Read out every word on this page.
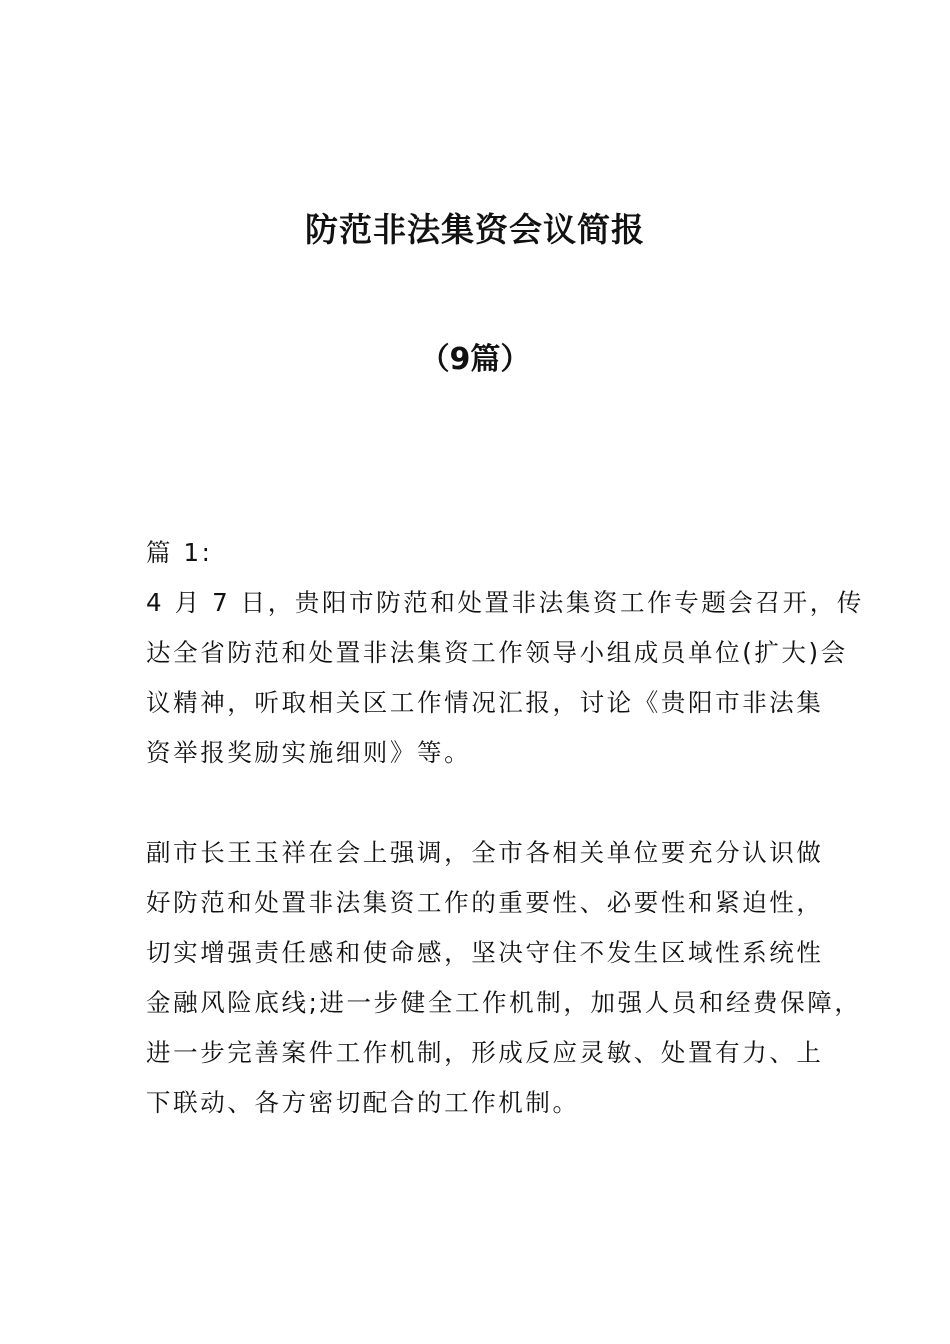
防范非法集资会议简报
（9篇）

篇 1:

4 月 7 日，贵阳市防范和处置非法集资工作专题会召开，传
达全省防范和处置非法集资工作领导小组成员单位(扩大)会
议精神，听取相关区工作情况汇报，讨论《贵阳市非法集
资举报奖励实施细则》等。

副市长王玉祥在会上强调，全市各相关单位要充分认识做
好防范和处置非法集资工作的重要性、必要性和紧迫性，
切实增强责任感和使命感，坚决守住不发生区域性系统性
金融风险底线;进一步健全工作机制，加强人员和经费保障，
进一步完善案件工作机制，形成反应灵敏、处置有力、上
下联动、各方密切配合的工作机制。
